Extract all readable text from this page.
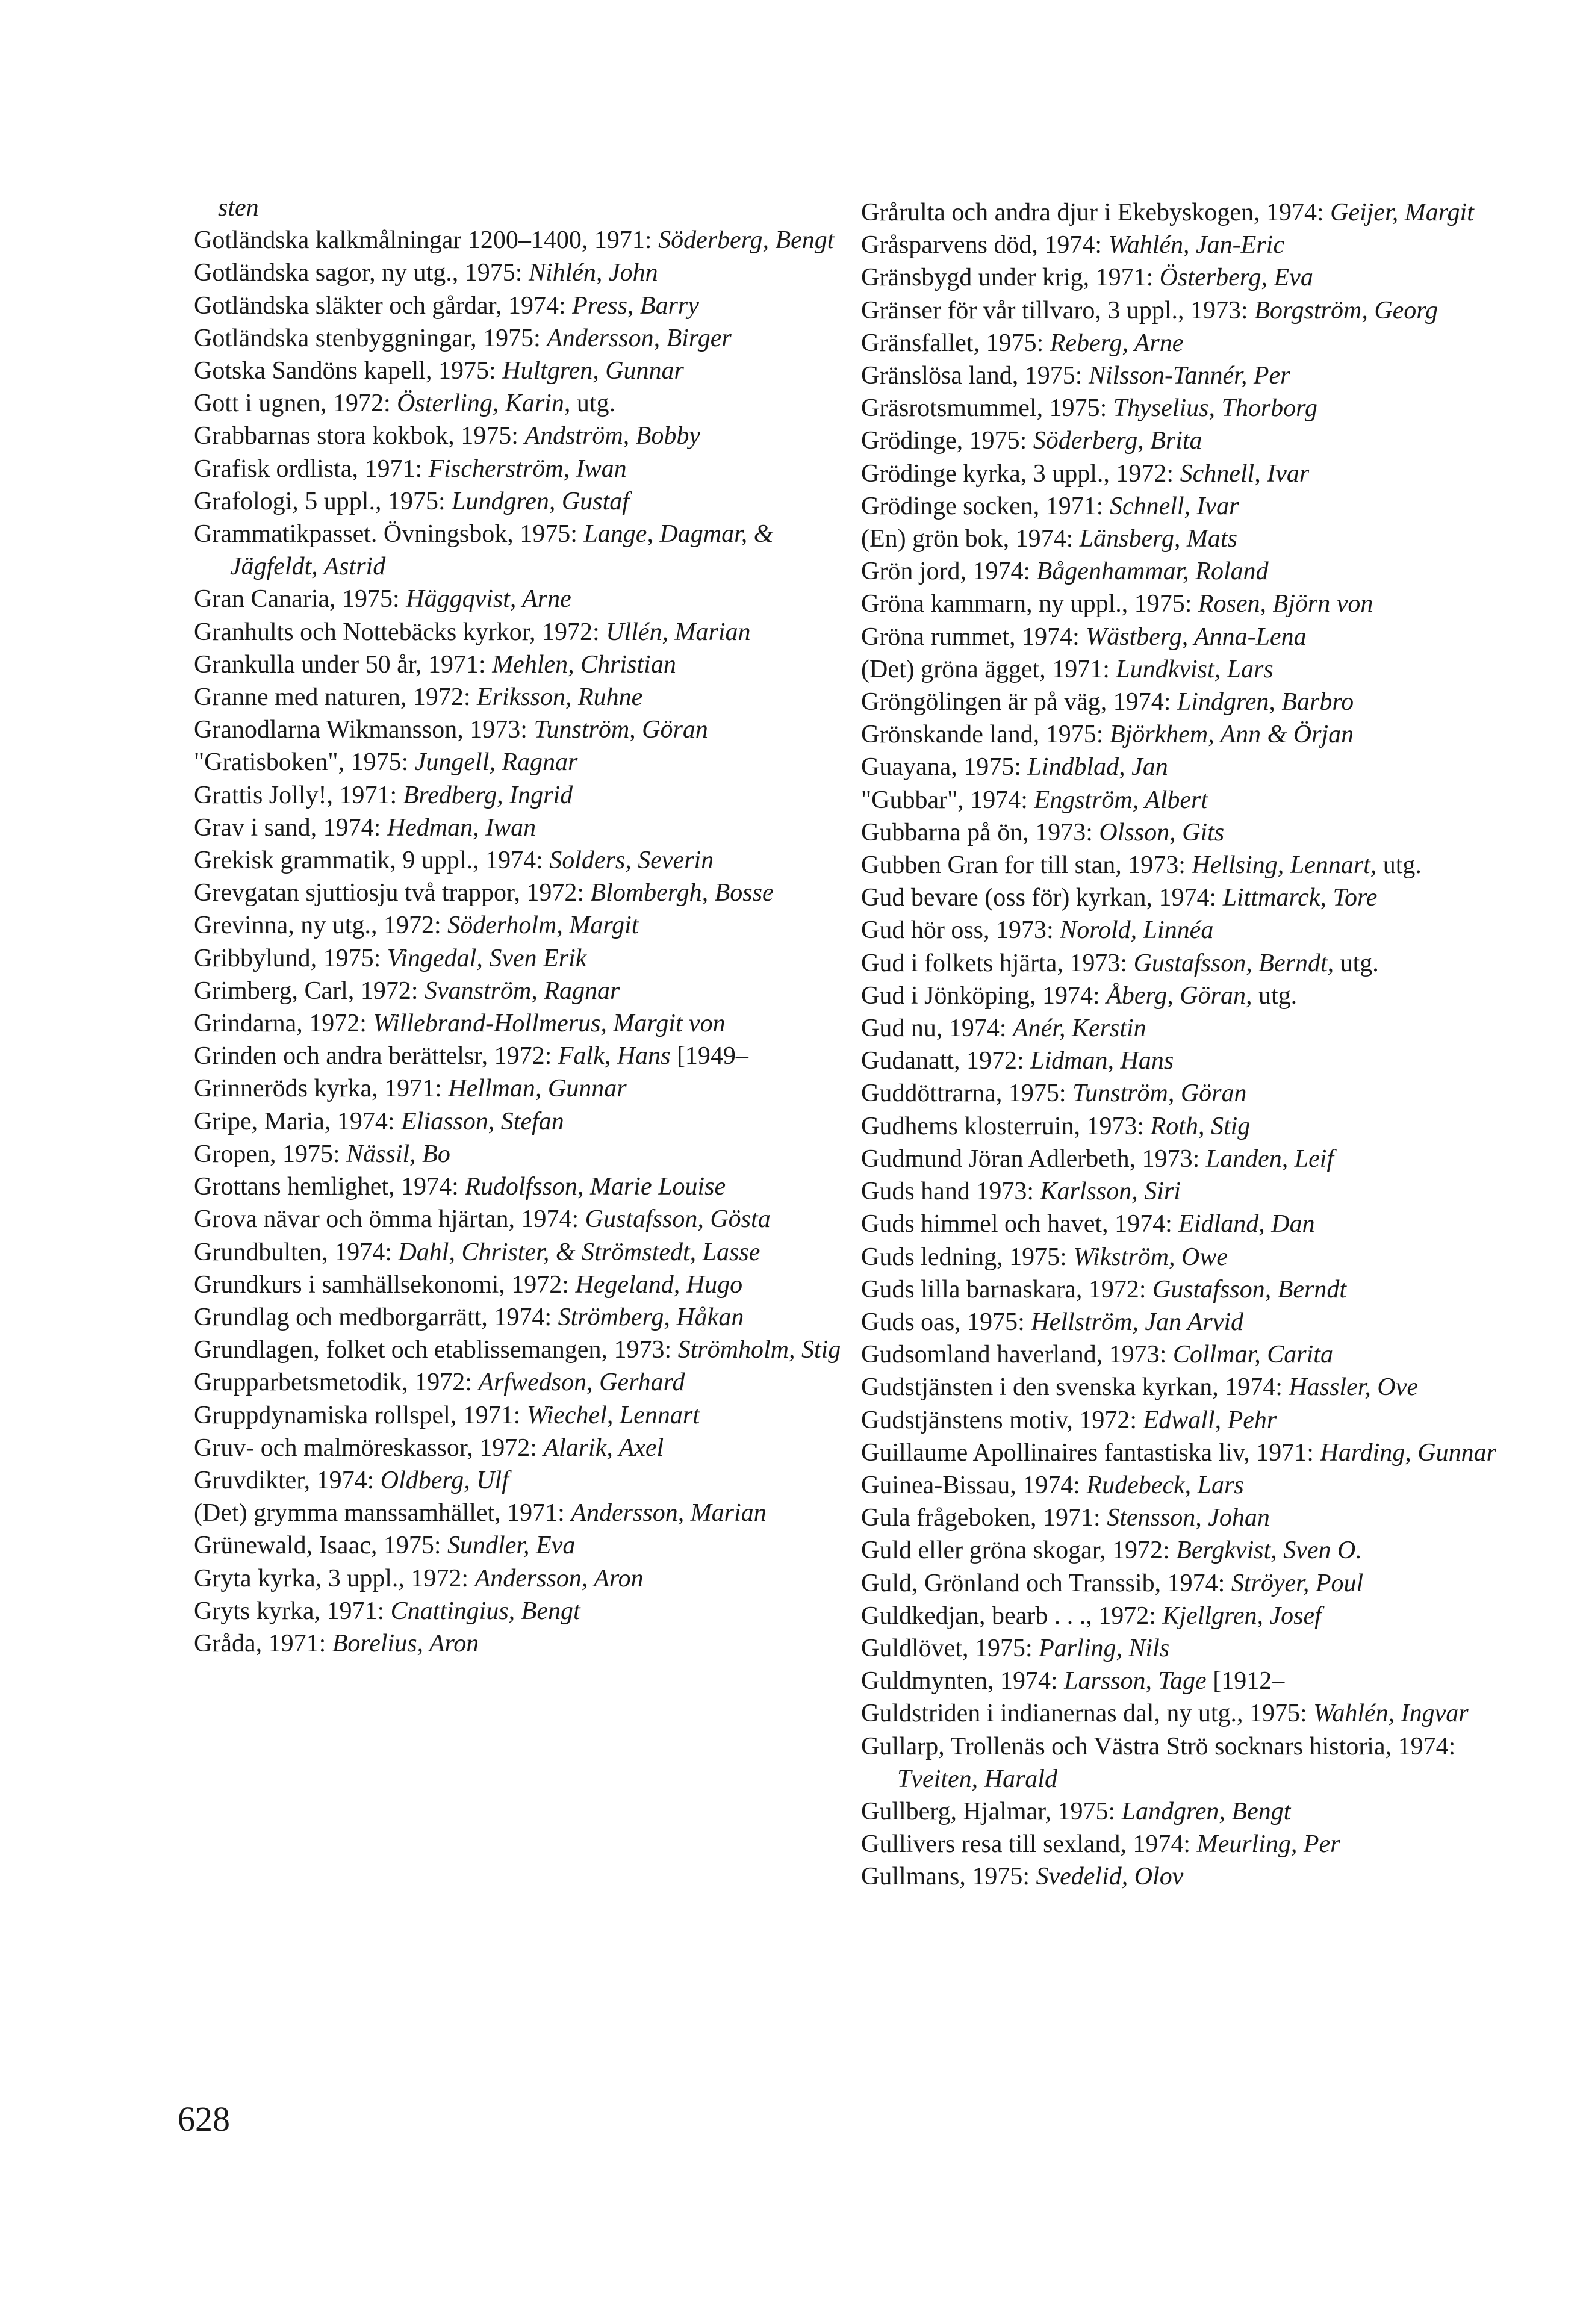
sten
Gotländska kalkmålningar 1200–1400, 1971: Söderberg, Bengt
Gotländska sagor, ny utg., 1975: Nihlén, John
Gotländska släkter och gårdar, 1974: Press, Barry
Gotländska stenbyggningar, 1975: Andersson, Birger
Gotska Sandöns kapell, 1975: Hultgren, Gunnar
Gott i ugnen, 1972: Österling, Karin, utg.
Grabbarnas stora kokbok, 1975: Andström, Bobby
Grafisk ordlista, 1971: Fischerström, Iwan
Grafologi, 5 uppl., 1975: Lundgren, Gustaf
Grammatikpasset. Övningsbok, 1975: Lange, Dagmar, & Jägfeldt, Astrid
Gran Canaria, 1975: Häggqvist, Arne
Granhults och Nottebäcks kyrkor, 1972: Ullén, Marian
Grankulla under 50 år, 1971: Mehlen, Christian
Granne med naturen, 1972: Eriksson, Ruhne
Granodlarna Wikmansson, 1973: Tunström, Göran
"Gratisboken", 1975: Jungell, Ragnar
Grattis Jolly!, 1971: Bredberg, Ingrid
Grav i sand, 1974: Hedman, Iwan
Grekisk grammatik, 9 uppl., 1974: Solders, Severin
Grevgatan sjuttiosju två trappor, 1972: Blombergh, Bosse
Grevinna, ny utg., 1972: Söderholm, Margit
Gribbylund, 1975: Vingedal, Sven Erik
Grimberg, Carl, 1972: Svanström, Ragnar
Grindarna, 1972: Willebrand-Hollmerus, Margit von
Grinden och andra berättelsr, 1972: Falk, Hans [1949–
Grinneröds kyrka, 1971: Hellman, Gunnar
Gripe, Maria, 1974: Eliasson, Stefan
Gropen, 1975: Nässil, Bo
Grottans hemlighet, 1974: Rudolfsson, Marie Louise
Grova nävar och ömma hjärtan, 1974: Gustafsson, Gösta
Grundbulten, 1974: Dahl, Christer, & Strömstedt, Lasse
Grundkurs i samhällsekonomi, 1972: Hegeland, Hugo
Grundlag och medborgarrätt, 1974: Strömberg, Håkan
Grundlagen, folket och etablissemangen, 1973: Strömholm, Stig
Grupparbetsmetodik, 1972: Arfwedson, Gerhard
Gruppdynamiska rollspel, 1971: Wiechel, Lennart
Gruv- och malmöreskassor, 1972: Alarik, Axel
Gruvdikter, 1974: Oldberg, Ulf
(Det) grymma manssamhället, 1971: Andersson, Marian
Grünewald, Isaac, 1975: Sundler, Eva
Gryta kyrka, 3 uppl., 1972: Andersson, Aron
Gryts kyrka, 1971: Cnattingius, Bengt
Gråda, 1971: Borelius, Aron
Grårulta och andra djur i Ekebyskogen, 1974: Geijer, Margit
Gråsparvens död, 1974: Wahlén, Jan-Eric
Gränsbygd under krig, 1971: Österberg, Eva
Gränser för vår tillvaro, 3 uppl., 1973: Borgström, Georg
Gränsfallet, 1975: Reberg, Arne
Gränslösa land, 1975: Nilsson-Tannér, Per
Gräsrotsmummel, 1975: Thyselius, Thorborg
Grödinge, 1975: Söderberg, Brita
Grödinge kyrka, 3 uppl., 1972: Schnell, Ivar
Grödinge socken, 1971: Schnell, Ivar
(En) grön bok, 1974: Länsberg, Mats
Grön jord, 1974: Bågenhammar, Roland
Gröna kammarn, ny uppl., 1975: Rosen, Björn von
Gröna rummet, 1974: Wästberg, Anna-Lena
(Det) gröna ägget, 1971: Lundkvist, Lars
Gröngölingen är på väg, 1974: Lindgren, Barbro
Grönskande land, 1975: Björkhem, Ann & Örjan
Guayana, 1975: Lindblad, Jan
"Gubbar", 1974: Engström, Albert
Gubbarna på ön, 1973: Olsson, Gits
Gubben Gran for till stan, 1973: Hellsing, Lennart, utg.
Gud bevare (oss för) kyrkan, 1974: Littmarck, Tore
Gud hör oss, 1973: Norold, Linnéa
Gud i folkets hjärta, 1973: Gustafsson, Berndt, utg.
Gud i Jönköping, 1974: Åberg, Göran, utg.
Gud nu, 1974: Anér, Kerstin
Gudanatt, 1972: Lidman, Hans
Guddöttrarna, 1975: Tunström, Göran
Gudhems klosterruin, 1973: Roth, Stig
Gudmund Jöran Adlerbeth, 1973: Landen, Leif
Guds hand 1973: Karlsson, Siri
Guds himmel och havet, 1974: Eidland, Dan
Guds ledning, 1975: Wikström, Owe
Guds lilla barnaskara, 1972: Gustafsson, Berndt
Guds oas, 1975: Hellström, Jan Arvid
Gudsomland haverland, 1973: Collmar, Carita
Gudstjänsten i den svenska kyrkan, 1974: Hassler, Ove
Gudstjänstens motiv, 1972: Edwall, Pehr
Guillaume Apollinaires fantastiska liv, 1971: Harding, Gunnar
Guinea-Bissau, 1974: Rudebeck, Lars
Gula frågeboken, 1971: Stensson, Johan
Guld eller gröna skogar, 1972: Bergkvist, Sven O.
Guld, Grönland och Transsib, 1974: Ströyer, Poul
Guldkedjan, bearb . . ., 1972: Kjellgren, Josef
Guldlövet, 1975: Parling, Nils
Guldmynten, 1974: Larsson, Tage [1912–
Guldstriden i indianernas dal, ny utg., 1975: Wahlén, Ingvar
Gullarp, Trollenäs och Västra Strö socknars historia, 1974: Tveiten, Harald
Gullberg, Hjalmar, 1975: Landgren, Bengt
Gullivers resa till sexland, 1974: Meurling, Per
Gullmans, 1975: Svedelid, Olov
628
